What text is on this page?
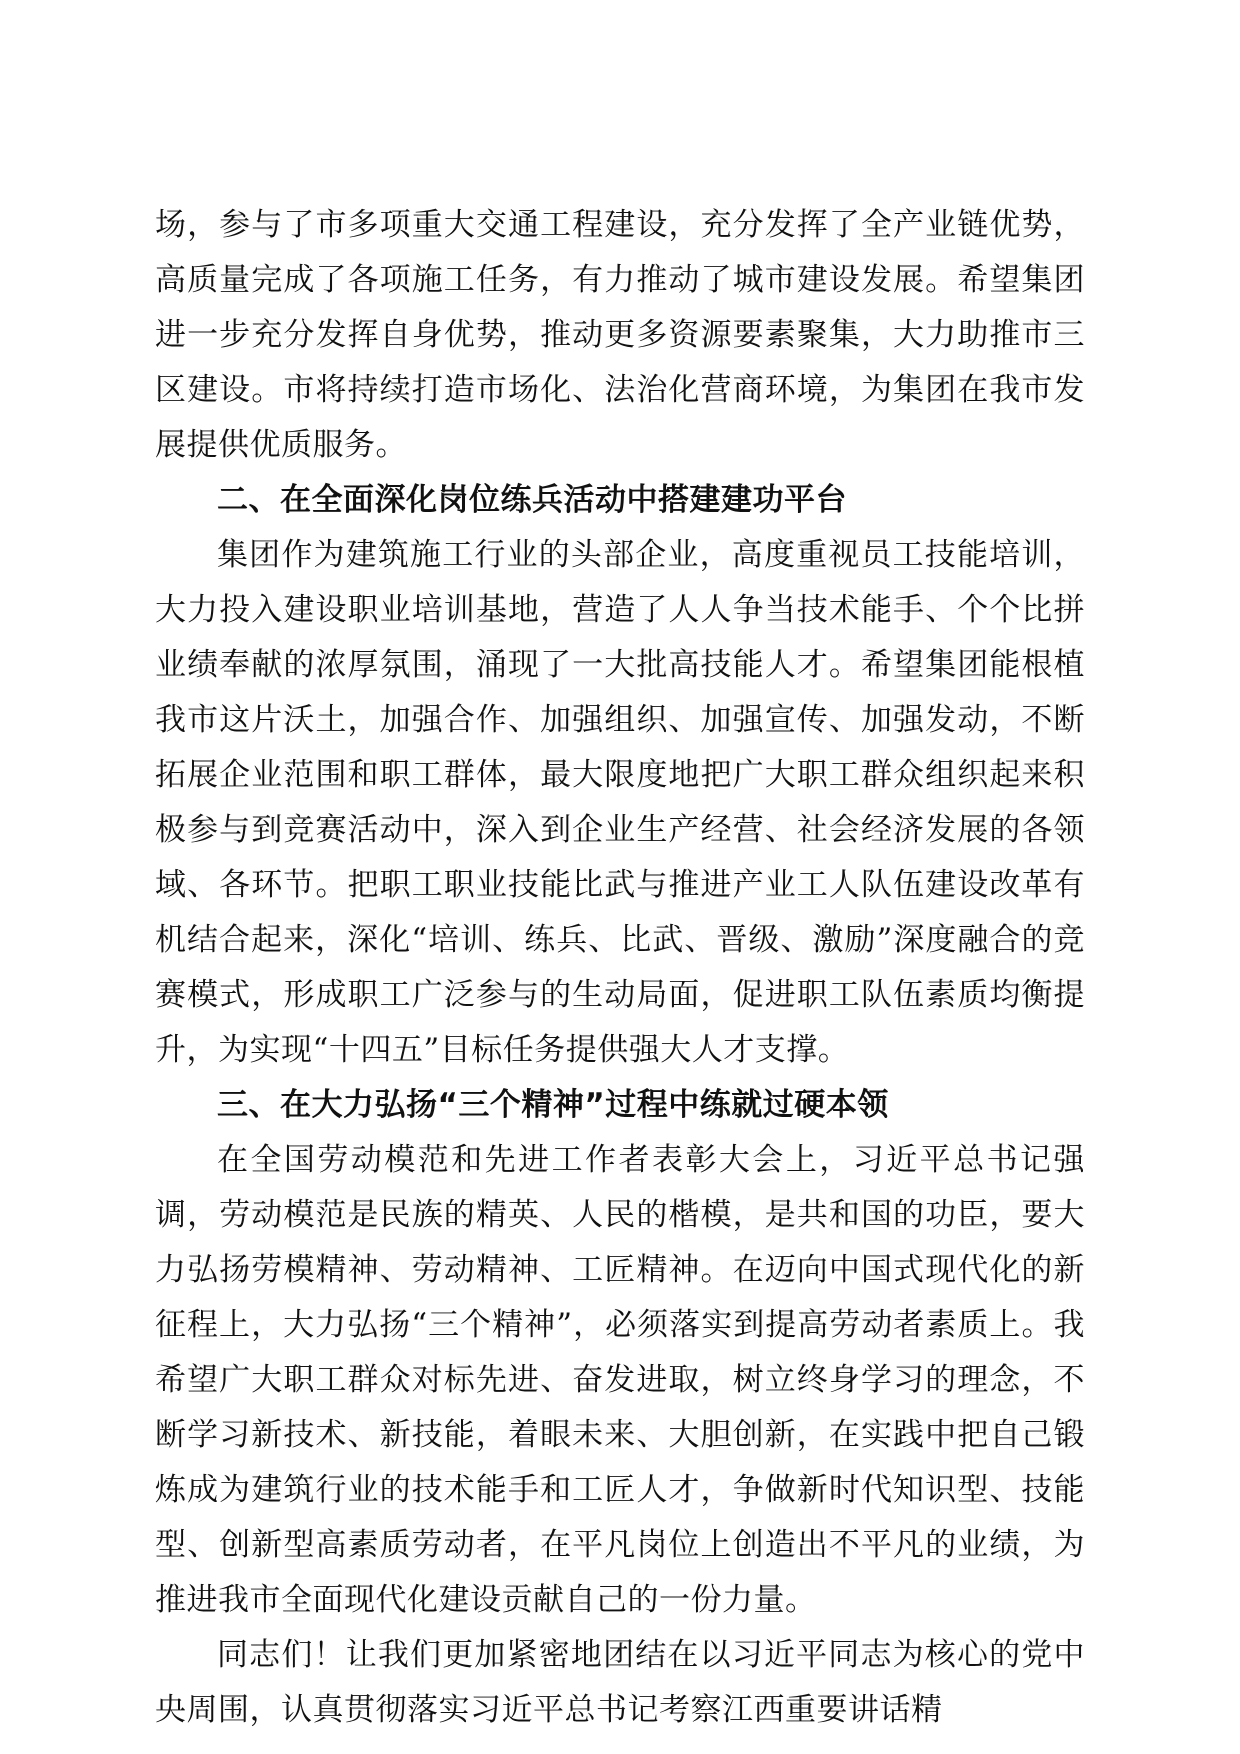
场，参与了市多项重大交通工程建设，充分发挥了全产业链优势，高质量完成了各项施工任务，有力推动了城市建设发展。希望集团进一步充分发挥自身优势，推动更多资源要素聚集，大力助推市三区建设。市将持续打造市场化、法治化营商环境，为集团在我市发展提供优质服务。

二、在全面深化岗位练兵活动中搭建建功平台

集团作为建筑施工行业的头部企业，高度重视员工技能培训，大力投入建设职业培训基地，营造了人人争当技术能手、个个比拼业绩奉献的浓厚氛围，涌现了一大批高技能人才。希望集团能根植我市这片沃土，加强合作、加强组织、加强宣传、加强发动，不断拓展企业范围和职工群体，最大限度地把广大职工群众组织起来积极参与到竞赛活动中，深入到企业生产经营、社会经济发展的各领域、各环节。把职工职业技能比武与推进产业工人队伍建设改革有机结合起来，深化“培训、练兵、比武、晋级、激励”深度融合的竞赛模式，形成职工广泛参与的生动局面，促进职工队伍素质均衡提升，为实现“十四五”目标任务提供强大人才支撑。

三、在大力弘扬“三个精神”过程中练就过硬本领

在全国劳动模范和先进工作者表彰大会上，习近平总书记强调，劳动模范是民族的精英、人民的楷模，是共和国的功臣，要大力弘扬劳模精神、劳动精神、工匠精神。在迈向中国式现代化的新征程上，大力弘扬“三个精神”，必须落实到提高劳动者素质上。我希望广大职工群众对标先进、奋发进取，树立终身学习的理念，不断学习新技术、新技能，着眼未来、大胆创新，在实践中把自己锻炼成为建筑行业的技术能手和工匠人才，争做新时代知识型、技能型、创新型高素质劳动者，在平凡岗位上创造出不平凡的业绩，为推进我市全面现代化建设贡献自己的一份力量。

同志们！让我们更加紧密地团结在以习近平同志为核心的党中央周围，认真贯彻落实习近平总书记考察江西重要讲话精
